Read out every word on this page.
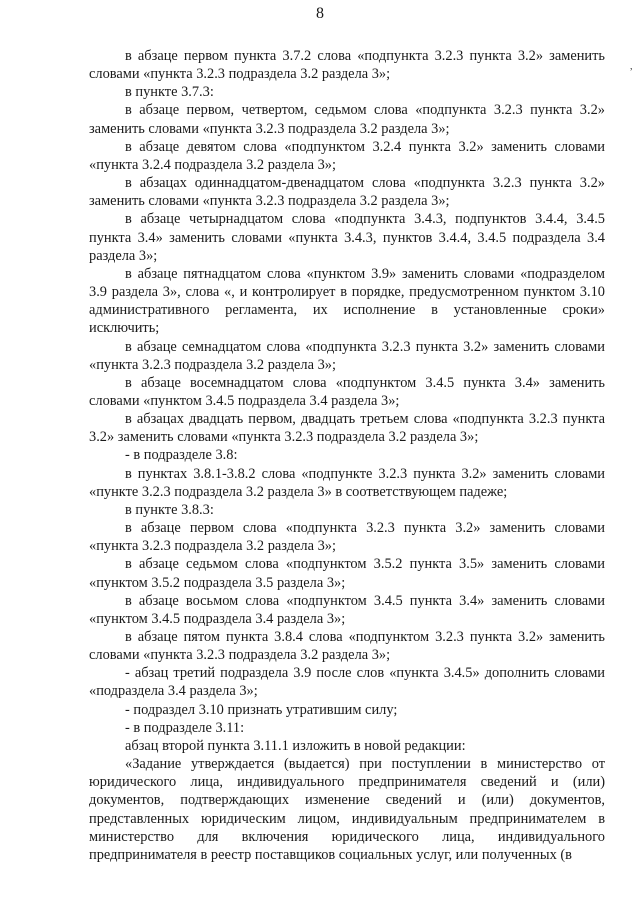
8
,

в абзаце первом пункта 3.7.2 слова «подпункта 3.2.3 пункта 3.2» заменить словами «пункта 3.2.3 подраздела 3.2 раздела 3»;

в пункте 3.7.3:

в абзаце первом, четвертом, седьмом слова «подпункта 3.2.3 пункта 3.2» заменить словами «пункта 3.2.3 подраздела 3.2 раздела 3»;

в абзаце девятом слова «подпунктом 3.2.4 пункта 3.2» заменить словами «пункта 3.2.4 подраздела 3.2 раздела 3»;

в абзацах одиннадцатом-двенадцатом слова «подпункта 3.2.3 пункта 3.2» заменить словами «пункта 3.2.3 подраздела 3.2 раздела 3»;

в абзаце четырнадцатом слова «подпункта 3.4.3, подпунктов 3.4.4, 3.4.5 пункта 3.4» заменить словами «пункта 3.4.3, пунктов 3.4.4, 3.4.5 подраздела 3.4 раздела 3»;

в абзаце пятнадцатом слова «пунктом 3.9» заменить словами «подразделом 3.9 раздела 3», слова «, и контролирует в порядке, предусмотренном пунктом 3.10 административного регламента, их исполнение в установленные сроки» исключить;

в абзаце семнадцатом слова «подпункта 3.2.3 пункта 3.2» заменить словами «пункта 3.2.3 подраздела 3.2 раздела 3»;

в абзаце восемнадцатом слова «подпунктом 3.4.5 пункта 3.4» заменить словами «пунктом 3.4.5 подраздела 3.4 раздела 3»;

в абзацах двадцать первом, двадцать третьем слова «подпункта 3.2.3 пункта 3.2» заменить словами «пункта 3.2.3 подраздела 3.2 раздела 3»;

- в подразделе 3.8:

в пунктах 3.8.1-3.8.2 слова «подпункте 3.2.3 пункта 3.2» заменить словами «пункте 3.2.3 подраздела 3.2 раздела 3» в соответствующем падеже;

в пункте 3.8.3:

в абзаце первом слова «подпункта 3.2.3 пункта 3.2» заменить словами «пункта 3.2.3 подраздела 3.2 раздела 3»;

в абзаце седьмом слова «подпунктом 3.5.2 пункта 3.5» заменить словами «пунктом 3.5.2 подраздела 3.5 раздела 3»;

в абзаце восьмом слова «подпунктом 3.4.5 пункта 3.4» заменить словами «пунктом 3.4.5 подраздела 3.4 раздела 3»;

в абзаце пятом пункта 3.8.4 слова «подпунктом 3.2.3 пункта 3.2» заменить словами «пункта 3.2.3 подраздела 3.2 раздела 3»;

- абзац третий подраздела 3.9 после слов «пункта 3.4.5» дополнить словами «подраздела 3.4 раздела 3»;

- подраздел 3.10 признать утратившим силу;

- в подразделе 3.11:

абзац второй пункта 3.11.1 изложить в новой редакции:

«Задание утверждается (выдается) при поступлении в министерство от юридического лица, индивидуального предпринимателя сведений и (или) документов, подтверждающих изменение сведений и (или) документов, представленных юридическим лицом, индивидуальным предпринимателем в министерство для включения юридического лица, индивидуального предпринимателя в реестр поставщиков социальных услуг, или полученных (в
